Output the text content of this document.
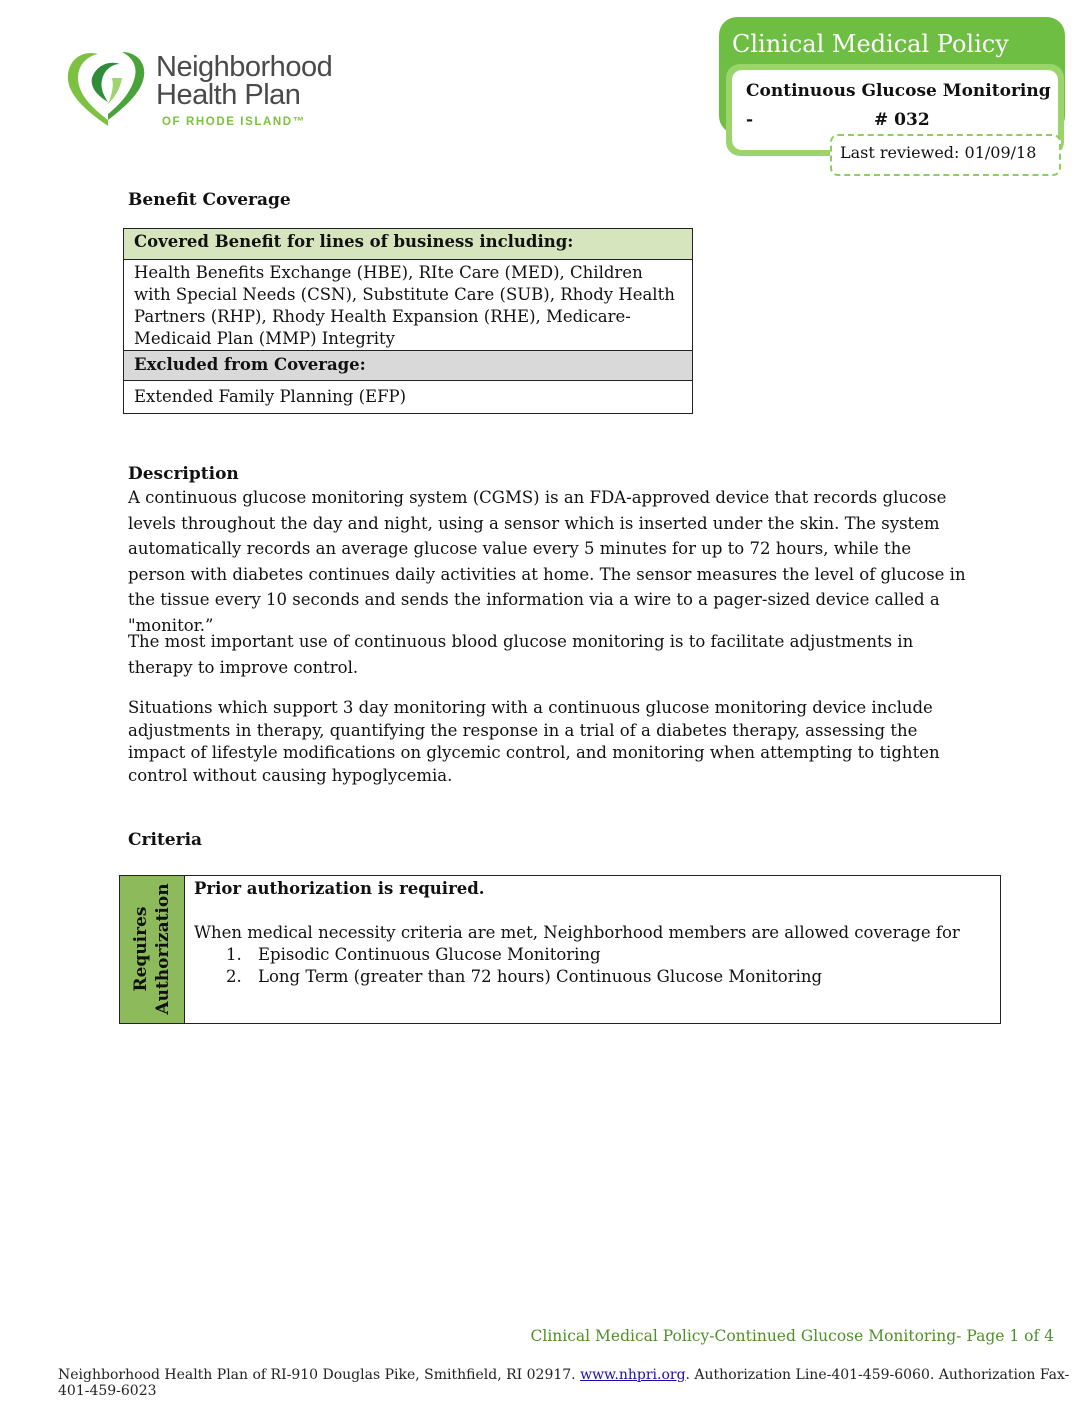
Neighborhood
Health Plan
OF RHODE ISLAND™
Clinical Medical Policy
Continuous Glucose Monitoring
-	# 032
Last reviewed: 01/09/18
Benefit Coverage
Covered Benefit for lines of business including:
Health Benefits Exchange (HBE), RIte Care (MED), Children with Special Needs (CSN), Substitute Care (SUB), Rhody Health Partners (RHP), Rhody Health Expansion (RHE), Medicare-Medicaid Plan (MMP) Integrity
Excluded from Coverage:
Extended Family Planning (EFP)
Description
A continuous glucose monitoring system (CGMS) is an FDA-approved device that records glucose levels throughout the day and night, using a sensor which is inserted under the skin. The system automatically records an average glucose value every 5 minutes for up to 72 hours, while the person with diabetes continues daily activities at home. The sensor measures the level of glucose in the tissue every 10 seconds and sends the information via a wire to a pager-sized device called a "monitor.”
The most important use of continuous blood glucose monitoring is to facilitate adjustments in therapy to improve control.
Situations which support 3 day monitoring with a continuous glucose monitoring device include adjustments in therapy, quantifying the response in a trial of a diabetes therapy, assessing the impact of lifestyle modifications on glycemic control, and monitoring when attempting to tighten control without causing hypoglycemia.
Criteria
Requires Authorization Prior authorization is required.
When medical necessity criteria are met, Neighborhood members are allowed coverage for
1. Episodic Continuous Glucose Monitoring
2. Long Term (greater than 72 hours) Continuous Glucose Monitoring
Clinical Medical Policy-Continued Glucose Monitoring- Page 1 of 4
Neighborhood Health Plan of RI-910 Douglas Pike, Smithfield, RI 02917. www.nhpri.org. Authorization Line-401-459-6060. Authorization Fax- 401-459-6023
